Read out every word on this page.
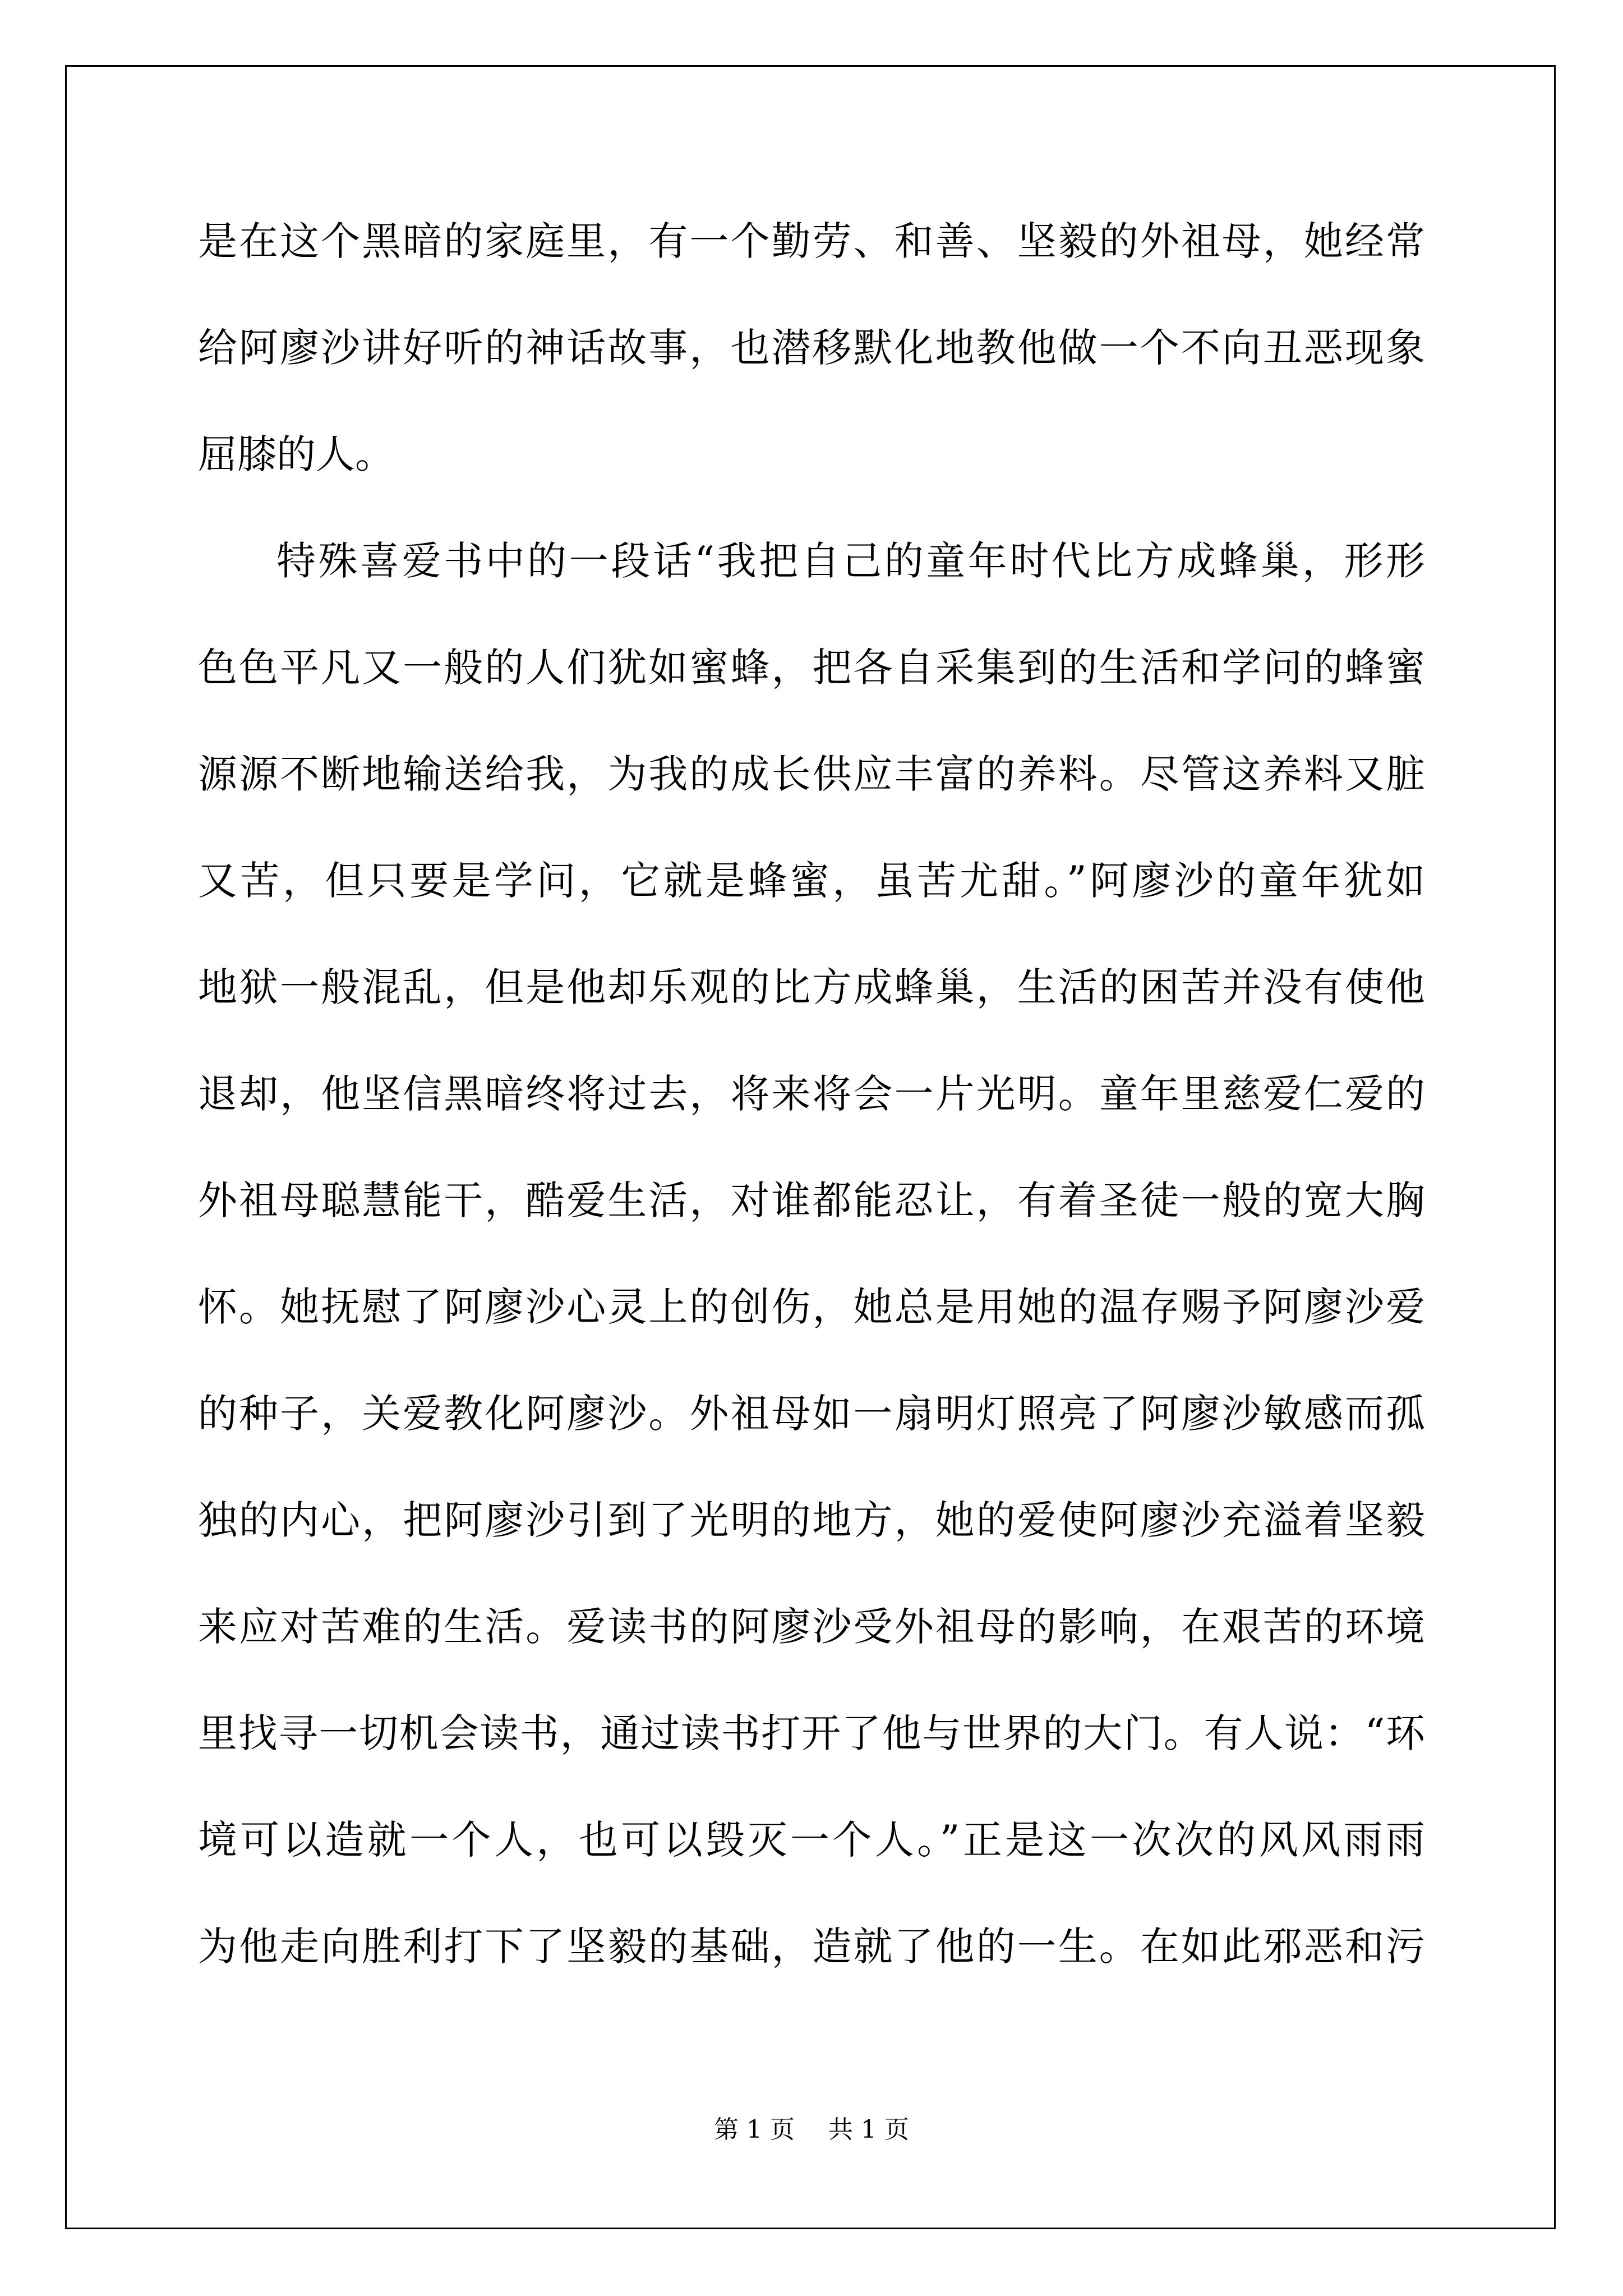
是在这个黑暗的家庭里，有一个勤劳、和善、坚毅的外祖母，她经常
给阿廖沙讲好听的神话故事，也潜移默化地教他做一个不向丑恶现象
屈膝的人。
特殊喜爱书中的一段话“我把自己的童年时代比方成蜂巢，形形
色色平凡又一般的人们犹如蜜蜂，把各自采集到的生活和学问的蜂蜜
源源不断地输送给我，为我的成长供应丰富的养料。尽管这养料又脏
又苦，但只要是学问，它就是蜂蜜，虽苦尤甜。”阿廖沙的童年犹如
地狱一般混乱，但是他却乐观的比方成蜂巢，生活的困苦并没有使他
退却，他坚信黑暗终将过去，将来将会一片光明。童年里慈爱仁爱的
外祖母聪慧能干，酷爱生活，对谁都能忍让，有着圣徒一般的宽大胸
怀。她抚慰了阿廖沙心灵上的创伤，她总是用她的温存赐予阿廖沙爱
的种子，关爱教化阿廖沙。外祖母如一扇明灯照亮了阿廖沙敏感而孤
独的内心，把阿廖沙引到了光明的地方，她的爱使阿廖沙充溢着坚毅
来应对苦难的生活。爱读书的阿廖沙受外祖母的影响，在艰苦的环境
里找寻一切机会读书，通过读书打开了他与世界的大门。有人说：“环
境可以造就一个人，也可以毁灭一个人。”正是这一次次的风风雨雨
为他走向胜利打下了坚毅的基础，造就了他的一生。在如此邪恶和污
第 1 页 共 1 页
